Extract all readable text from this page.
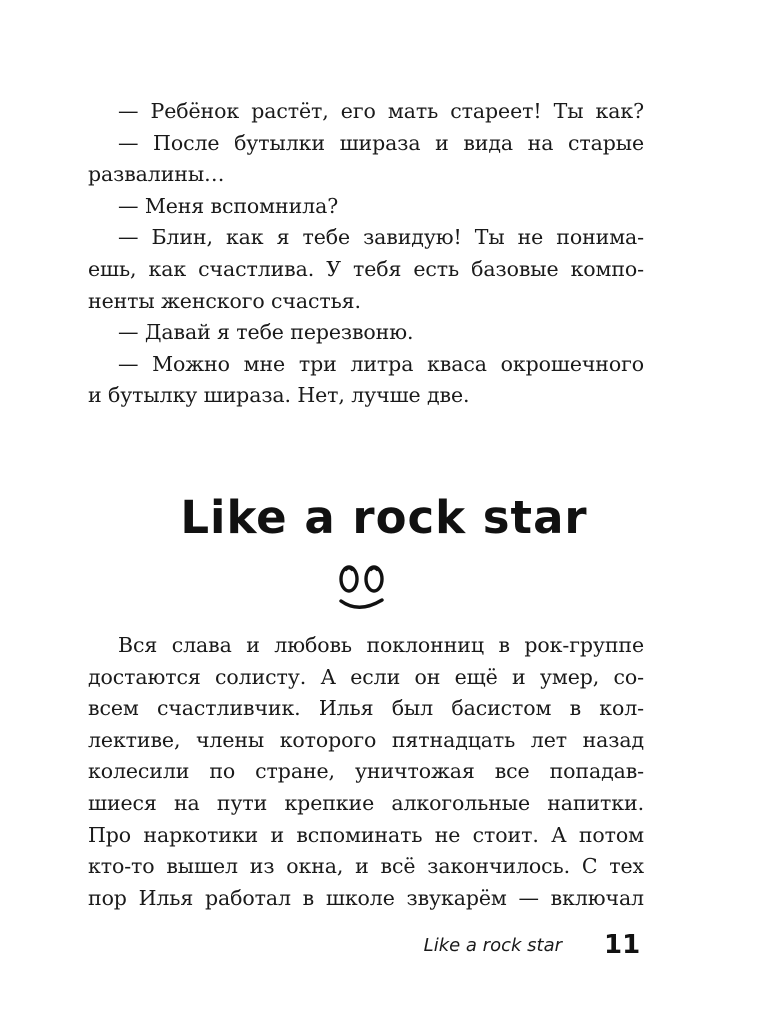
— Ребёнок растёт, его мать стареет! Ты как?
— После бутылки шираза и вида на старые
развалины…
— Меня вспомнила?
— Блин, как я тебе завидую! Ты не понима-
ешь, как счастлива. У тебя есть базовые компо-
ненты женского счастья.
— Давай я тебе перезвоню.
— Можно мне три литра кваса окрошечного
и бутылку шираза. Нет, лучше две.
Like a rock star
Вся слава и любовь поклонниц в рок-группе
достаются солисту. А если он ещё и умер, со-
всем счастливчик. Илья был басистом в кол-
лективе, члены которого пятнадцать лет назад
колесили по стране, уничтожая все попадав-
шиеся на пути крепкие алкогольные напитки.
Про наркотики и вспоминать не стоит. А потом
кто-то вышел из окна, и всё закончилось. С тех
пор Илья работал в школе звукарём — включал
Like a rock star 11
